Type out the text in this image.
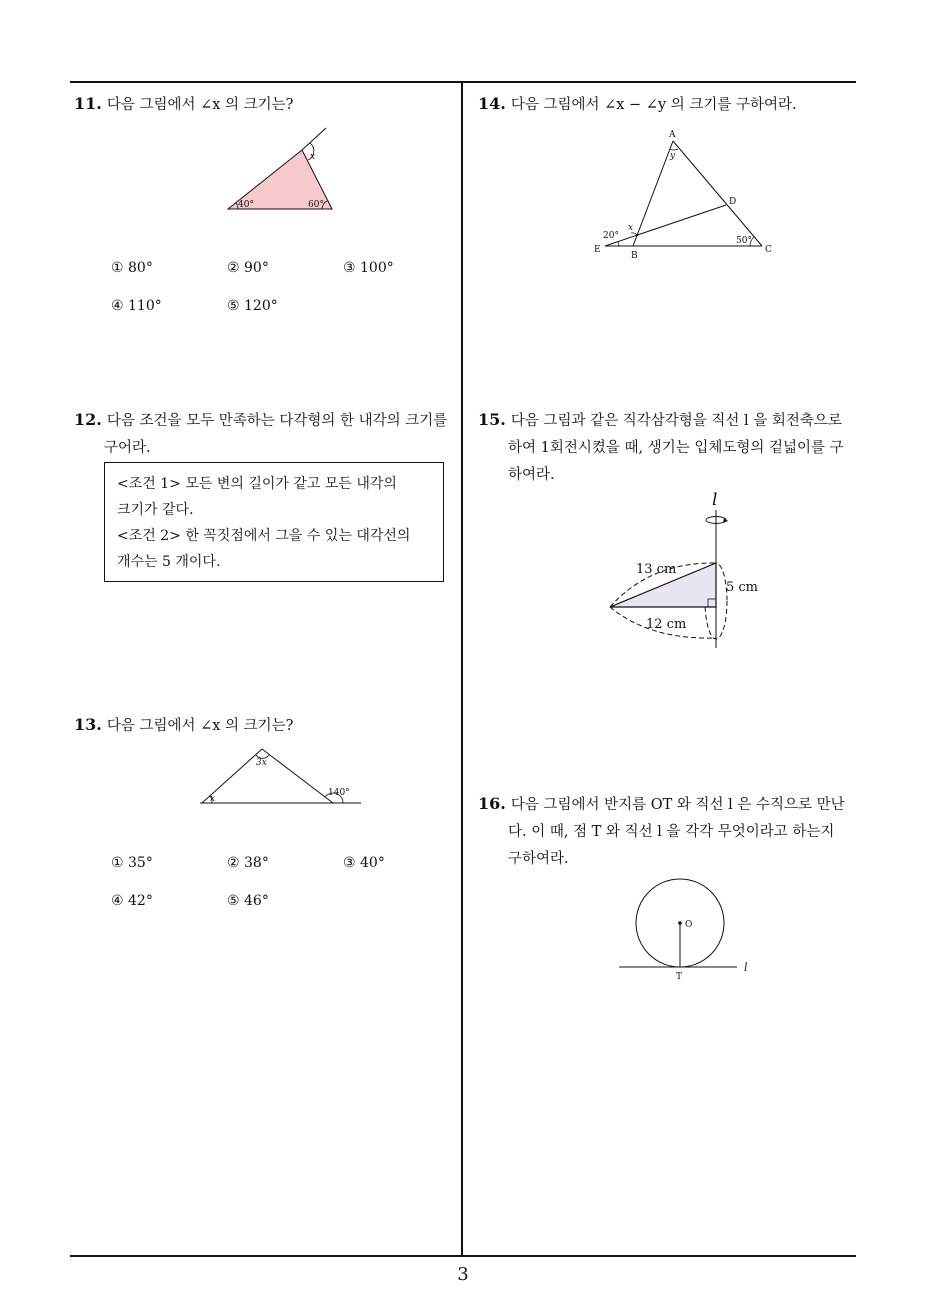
11. 다음 그림에서 ∠x 의 크기는?
x
40°	60°
① 80°	② 90°	③ 100°
④ 110°	⑤ 120°
12. 다음 조건을 모두 만족하는 다각형의 한 내각의 크기를
구어라.
<조건 1> 모든 변의 길이가 같고 모든 내각의
크기가 같다.
<조건 2> 한 꼭짓점에서 그을 수 있는 대각선의
개수는 5 개이다.
13. 다음 그림에서 ∠x 의 크기는?
3x
x
140°
① 35°	② 38°	③ 40°
④ 42°	⑤ 46°
14. 다음 그림에서 ∠x − ∠y 의 크기를 구하여라.
A
y
D
x
20°	50°
E
B
C
15. 다음 그림과 같은 직각삼각형을 직선 l 을 회전축으로
하여 1회전시켰을 때, 생기는 입체도형의 겉넓이를 구
하여라.
l
13 cm
5 cm
12 cm
16. 다음 그림에서 반지름 OT 와 직선 l 은 수직으로 만난
다. 이 때, 점 T 와 직선 l 을 각각 무엇이라고 하는지
구하여라.
O
T
l
3
